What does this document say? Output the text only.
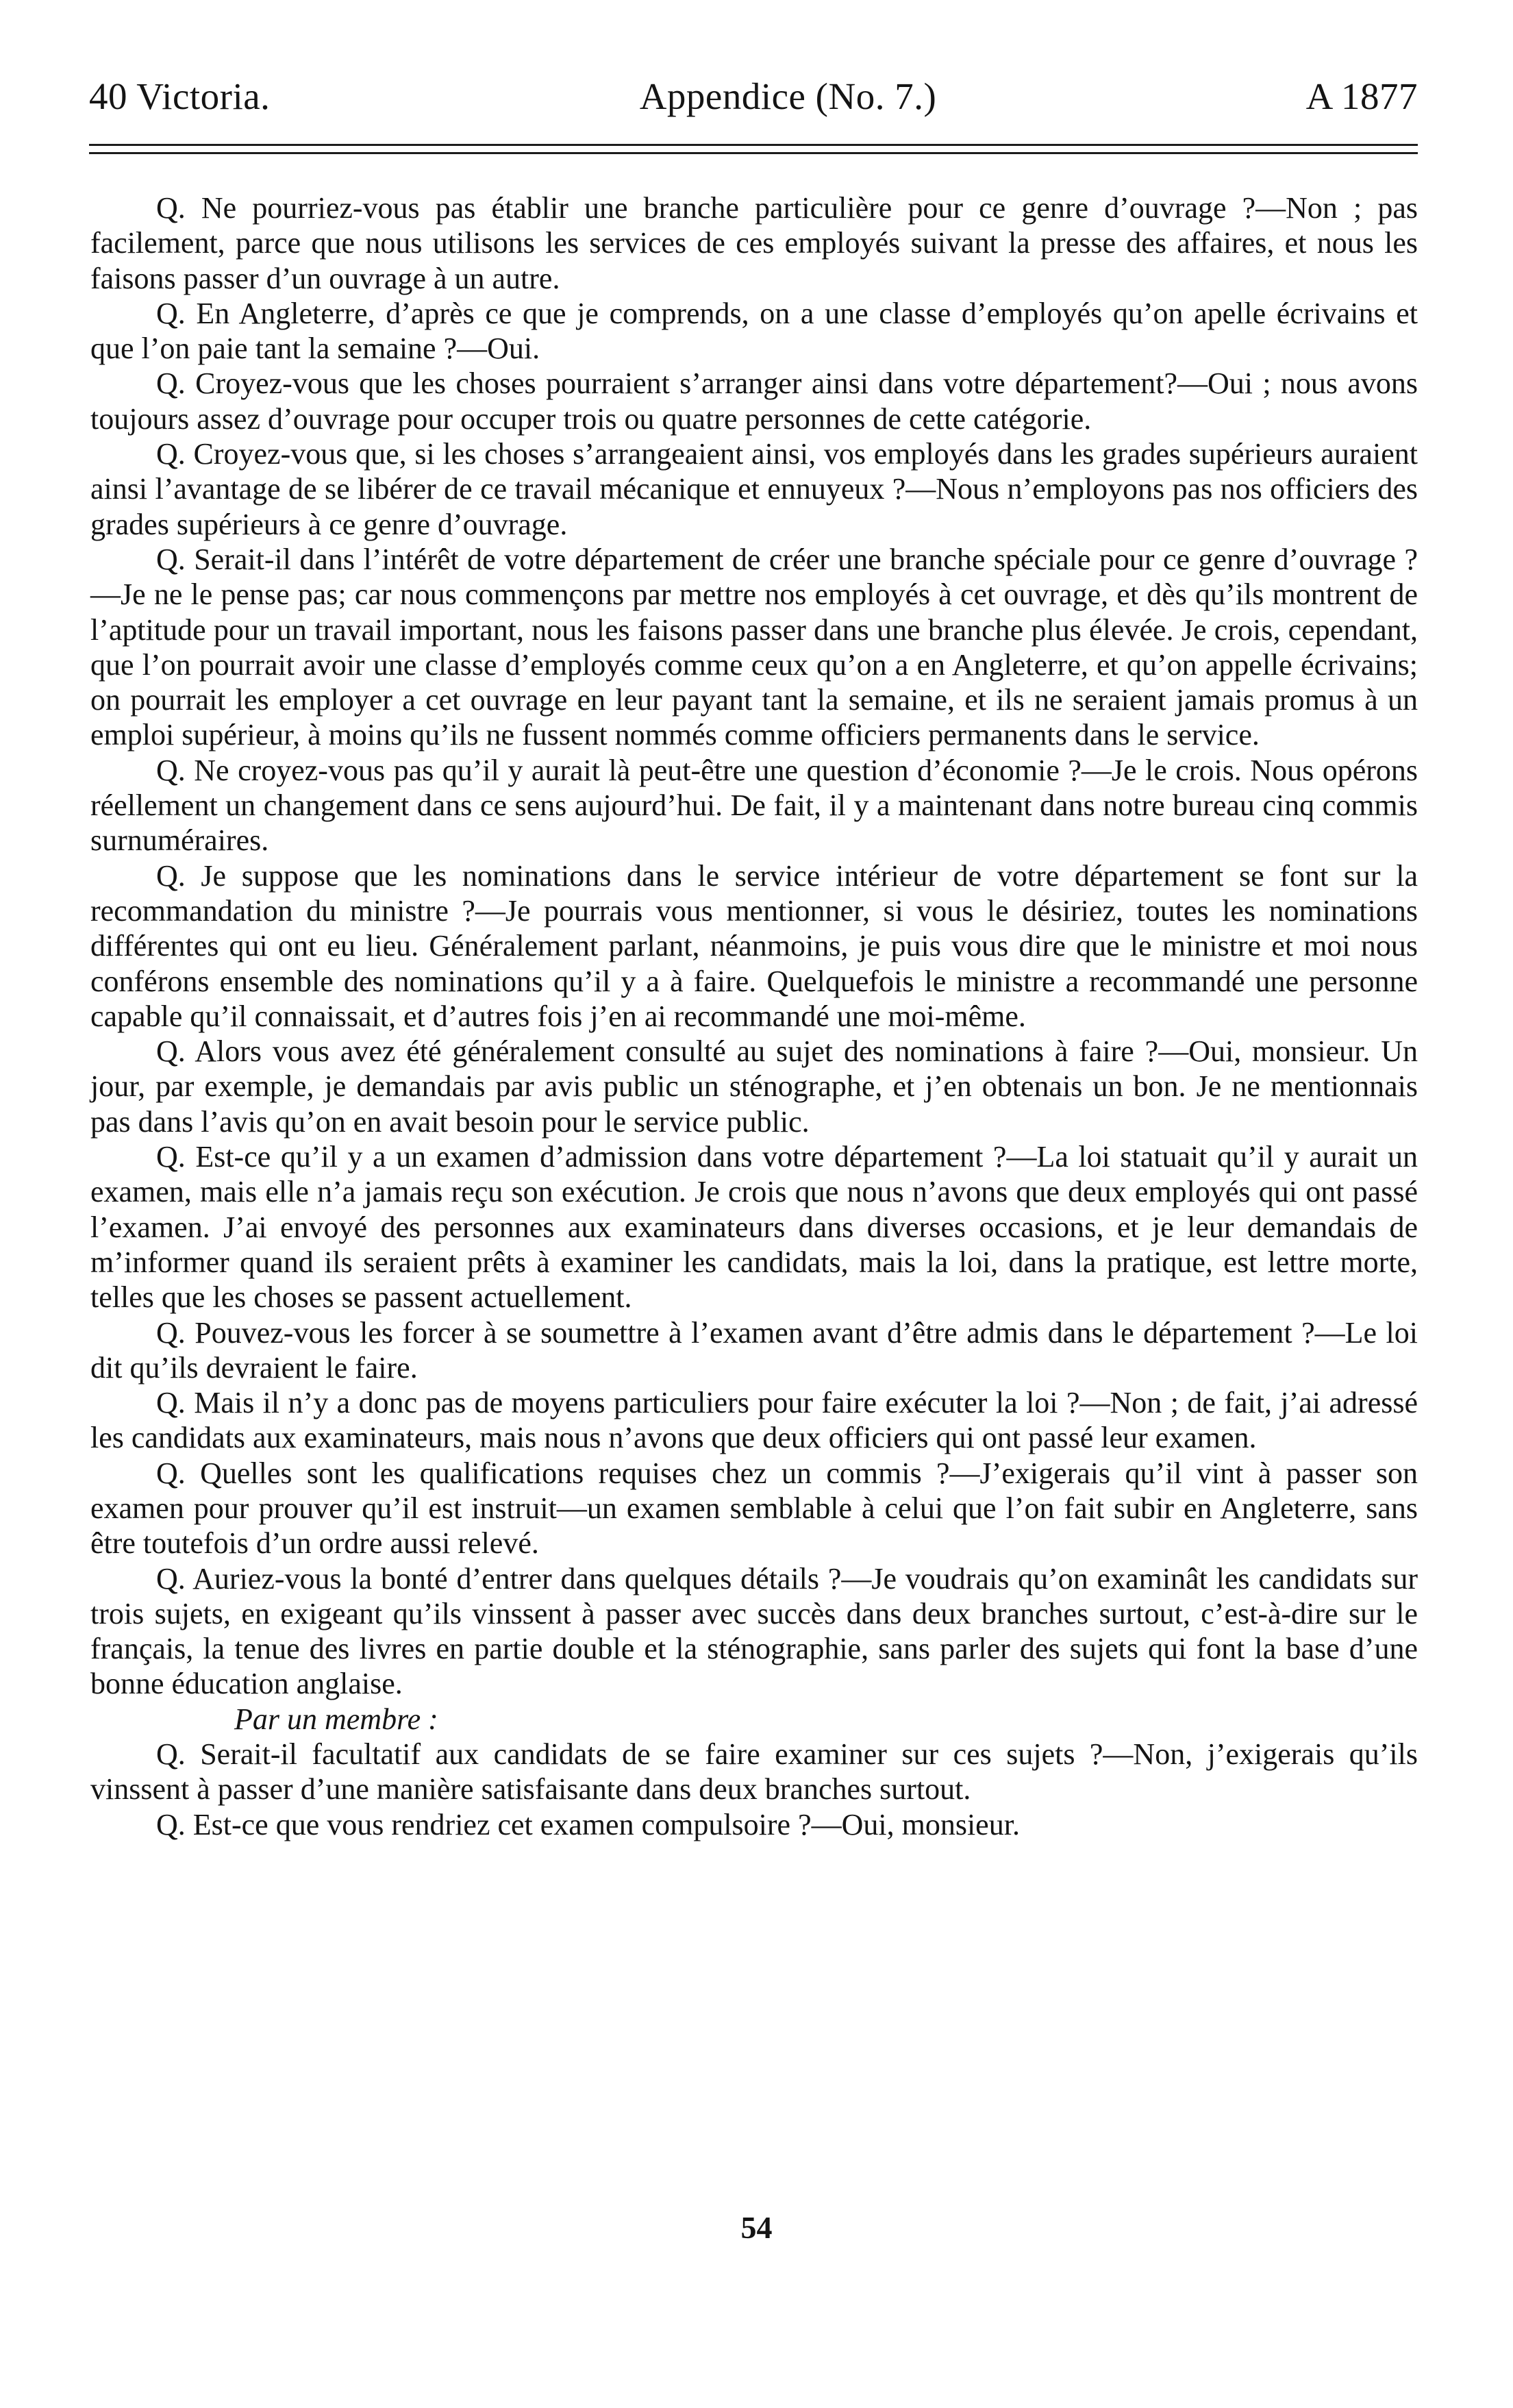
40 Victoria.	Appendice (No. 7.)	A 1877

Q. Ne pourriez-vous pas établir une branche particulière pour ce genre d’ouvrage ?—Non ; pas facilement, parce que nous utilisons les services de ces employés suivant la presse des affaires, et nous les faisons passer d’un ouvrage à un autre.

Q. En Angleterre, d’après ce que je comprends, on a une classe d’employés qu’on apelle écrivains et que l’on paie tant la semaine ?—Oui.

Q. Croyez-vous que les choses pourraient s’arranger ainsi dans votre département?—Oui ; nous avons toujours assez d’ouvrage pour occuper trois ou quatre personnes de cette catégorie.

Q. Croyez-vous que, si les choses s’arrangeaient ainsi, vos employés dans les grades supérieurs auraient ainsi l’avantage de se libérer de ce travail mécanique et ennuyeux ?—Nous n’employons pas nos officiers des grades supérieurs à ce genre d’ouvrage.

Q. Serait-il dans l’intérêt de votre département de créer une branche spéciale pour ce genre d’ouvrage ?—Je ne le pense pas; car nous commençons par mettre nos employés à cet ouvrage, et dès qu’ils montrent de l’aptitude pour un travail important, nous les faisons passer dans une branche plus élevée. Je crois, cependant, que l’on pourrait avoir une classe d’employés comme ceux qu’on a en Angleterre, et qu’on appelle écrivains; on pourrait les employer a cet ouvrage en leur payant tant la semaine, et ils ne seraient jamais promus à un emploi supérieur, à moins qu’ils ne fussent nommés comme officiers permanents dans le service.

Q. Ne croyez-vous pas qu’il y aurait là peut-être une question d’économie ?—Je le crois. Nous opérons réellement un changement dans ce sens aujourd’hui. De fait, il y a maintenant dans notre bureau cinq commis surnuméraires.

Q. Je suppose que les nominations dans le service intérieur de votre département se font sur la recommandation du ministre ?—Je pourrais vous mentionner, si vous le désiriez, toutes les nominations différentes qui ont eu lieu. Généralement parlant, néanmoins, je puis vous dire que le ministre et moi nous conférons ensemble des nominations qu’il y a à faire. Quelquefois le ministre a recommandé une personne capable qu’il connaissait, et d’autres fois j’en ai recommandé une moi-même.

Q. Alors vous avez été généralement consulté au sujet des nominations à faire ?—Oui, monsieur. Un jour, par exemple, je demandais par avis public un sténographe, et j’en obtenais un bon. Je ne mentionnais pas dans l’avis qu’on en avait besoin pour le service public.

Q. Est-ce qu’il y a un examen d’admission dans votre département ?—La loi statuait qu’il y aurait un examen, mais elle n’a jamais reçu son exécution. Je crois que nous n’avons que deux employés qui ont passé l’examen. J’ai envoyé des personnes aux examinateurs dans diverses occasions, et je leur demandais de m’informer quand ils seraient prêts à examiner les candidats, mais la loi, dans la pratique, est lettre morte, telles que les choses se passent actuellement.

Q. Pouvez-vous les forcer à se soumettre à l’examen avant d’être admis dans le département ?—Le loi dit qu’ils devraient le faire.

Q. Mais il n’y a donc pas de moyens particuliers pour faire exécuter la loi ?—Non ; de fait, j’ai adressé les candidats aux examinateurs, mais nous n’avons que deux officiers qui ont passé leur examen.

Q. Quelles sont les qualifications requises chez un commis ?—J’exigerais qu’il vint à passer son examen pour prouver qu’il est instruit—un examen semblable à celui que l’on fait subir en Angleterre, sans être toutefois d’un ordre aussi relevé.

Q. Auriez-vous la bonté d’entrer dans quelques détails ?—Je voudrais qu’on examinât les candidats sur trois sujets, en exigeant qu’ils vinssent à passer avec succès dans deux branches surtout, c’est-à-dire sur le français, la tenue des livres en partie double et la sténographie, sans parler des sujets qui font la base d’une bonne éducation anglaise.

Par un membre :

Q. Serait-il facultatif aux candidats de se faire examiner sur ces sujets ?—Non, j’exigerais qu’ils vinssent à passer d’une manière satisfaisante dans deux branches surtout.

Q. Est-ce que vous rendriez cet examen compulsoire ?—Oui, monsieur.

54
